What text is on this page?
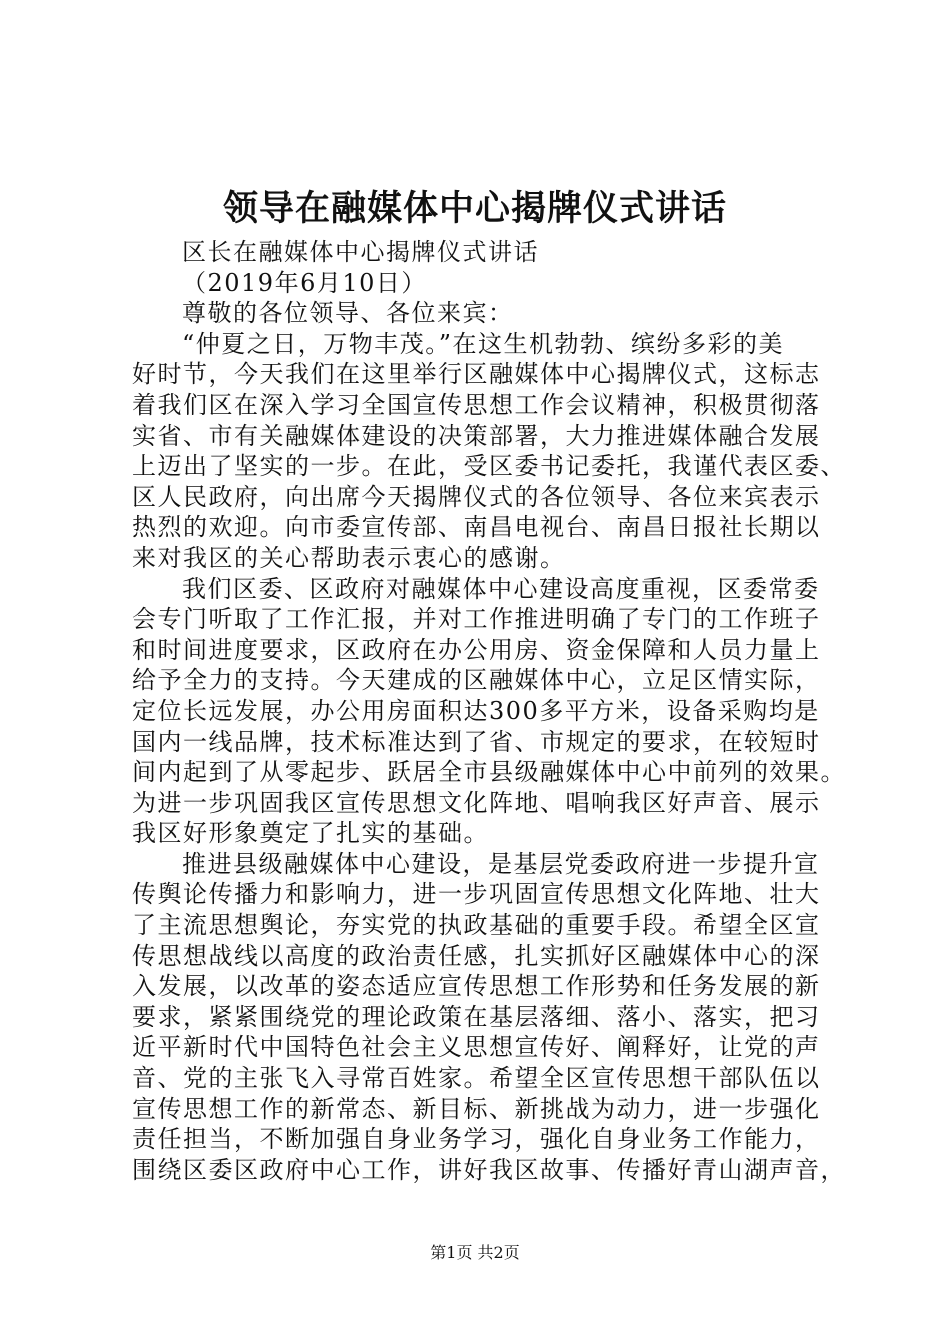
领导在融媒体中心揭牌仪式讲话

区长在融媒体中心揭牌仪式讲话

（2019年6月10日）

尊敬的各位领导、各位来宾：

“仲夏之日，万物丰茂。”在这生机勃勃、缤纷多彩的美

好时节，今天我们在这里举行区融媒体中心揭牌仪式，这标志

着我们区在深入学习全国宣传思想工作会议精神，积极贯彻落

实省、市有关融媒体建设的决策部署，大力推进媒体融合发展

上迈出了坚实的一步。在此，受区委书记委托，我谨代表区委、

区人民政府，向出席今天揭牌仪式的各位领导、各位来宾表示

热烈的欢迎。向市委宣传部、南昌电视台、南昌日报社长期以

来对我区的关心帮助表示衷心的感谢。

我们区委、区政府对融媒体中心建设高度重视，区委常委

会专门听取了工作汇报，并对工作推进明确了专门的工作班子

和时间进度要求，区政府在办公用房、资金保障和人员力量上

给予全力的支持。今天建成的区融媒体中心，立足区情实际，

定位长远发展，办公用房面积达300多平方米，设备采购均是

国内一线品牌，技术标准达到了省、市规定的要求，在较短时

间内起到了从零起步、跃居全市县级融媒体中心中前列的效果。

为进一步巩固我区宣传思想文化阵地、唱响我区好声音、展示

我区好形象奠定了扎实的基础。

推进县级融媒体中心建设，是基层党委政府进一步提升宣

传舆论传播力和影响力，进一步巩固宣传思想文化阵地、壮大

了主流思想舆论，夯实党的执政基础的重要手段。希望全区宣

传思想战线以高度的政治责任感，扎实抓好区融媒体中心的深

入发展，以改革的姿态适应宣传思想工作形势和任务发展的新

要求，紧紧围绕党的理论政策在基层落细、落小、落实，把习

近平新时代中国特色社会主义思想宣传好、阐释好，让党的声

音、党的主张飞入寻常百姓家。希望全区宣传思想干部队伍以

宣传思想工作的新常态、新目标、新挑战为动力，进一步强化

责任担当，不断加强自身业务学习，强化自身业务工作能力，

围绕区委区政府中心工作，讲好我区故事、传播好青山湖声音，

第1页 共2页
